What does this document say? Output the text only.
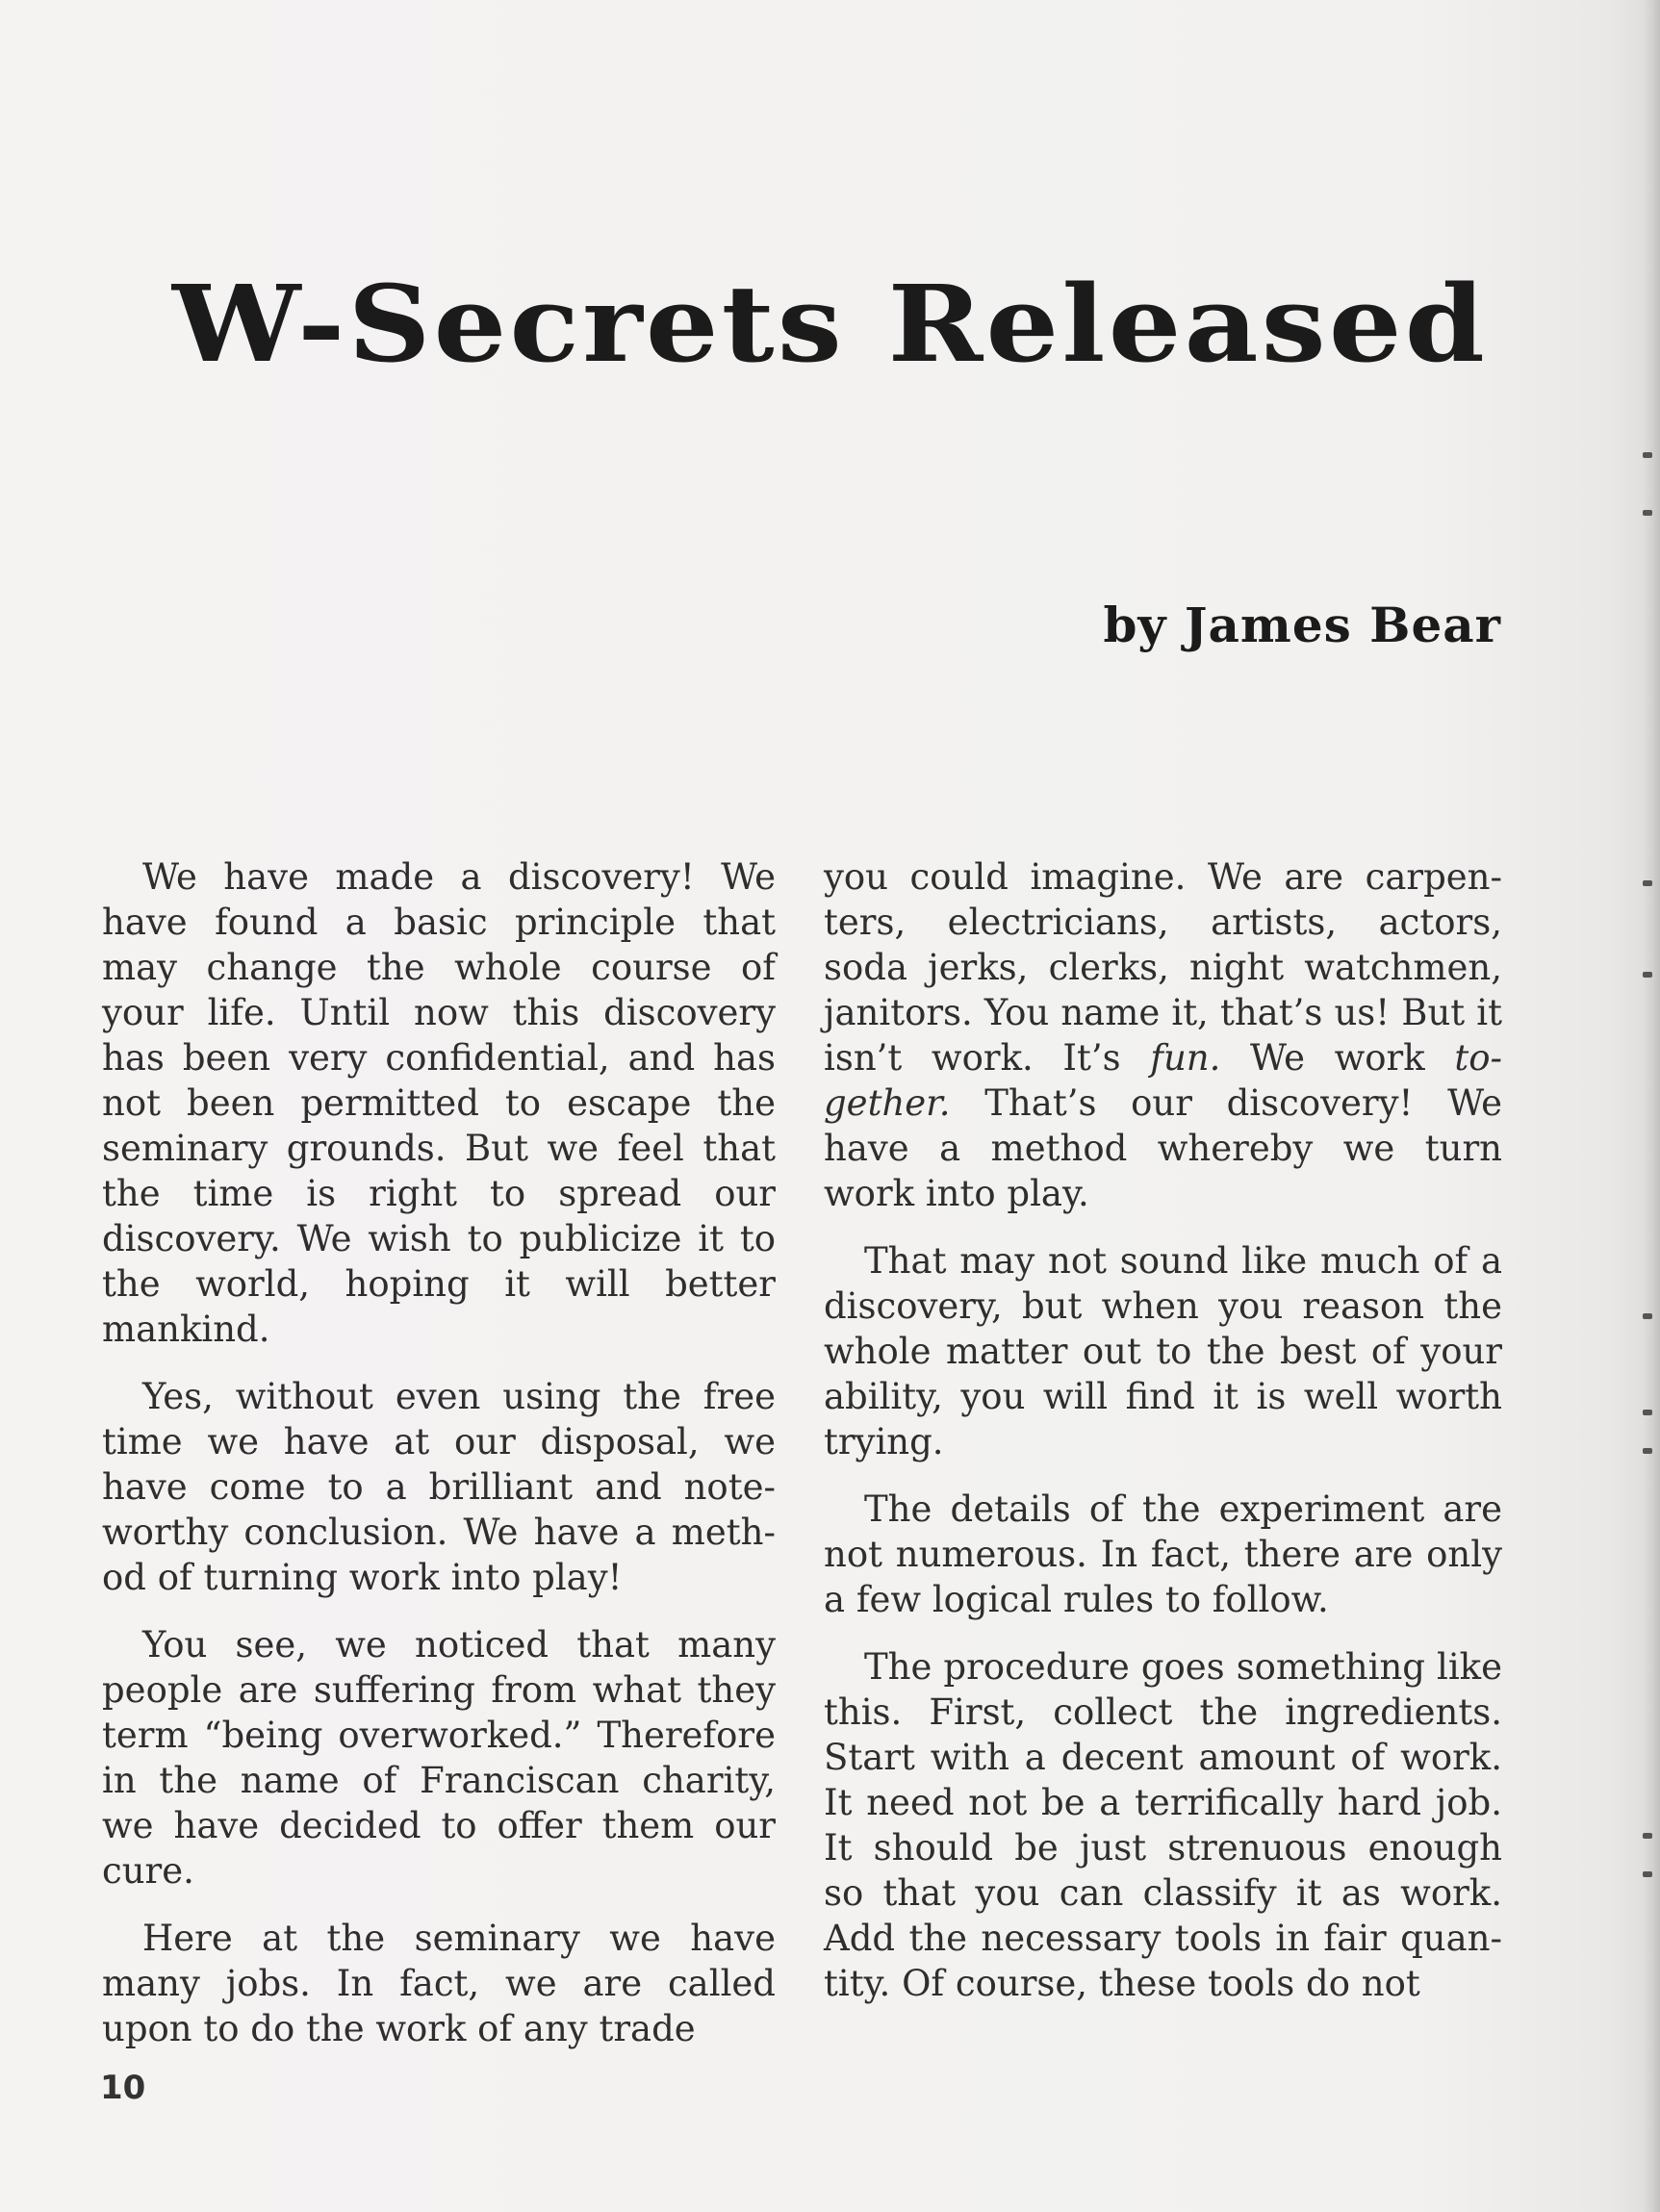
W-Secrets Released
by James Bear

We have made a discovery! We have found a basic principle that may change the whole course of your life. Until now this discovery has been very confidential, and has not been permitted to escape the seminary grounds. But we feel that the time is right to spread our discovery. We wish to publicize it to the world, hoping it will better mankind.

Yes, without even using the free time we have at our disposal, we have come to a brilliant and noteworthy conclusion. We have a method of turning work into play!

You see, we noticed that many people are suffering from what they term “being overworked.” Therefore in the name of Franciscan charity, we have decided to offer them our cure.

Here at the seminary we have many jobs. In fact, we are called upon to do the work of any trade

you could imagine. We are carpenters, electricians, artists, actors, soda jerks, clerks, night watchmen, janitors. You name it, that’s us! But it isn’t work. It’s fun. We work together. That’s our discovery! We have a method whereby we turn work into play.

That may not sound like much of a discovery, but when you reason the whole matter out to the best of your ability, you will find it is well worth trying.

The details of the experiment are not numerous. In fact, there are only a few logical rules to follow.

The procedure goes something like this. First, collect the ingredients. Start with a decent amount of work. It need not be a terrifically hard job. It should be just strenuous enough so that you can classify it as work. Add the necessary tools in fair quantity. Of course, these tools do not

10
